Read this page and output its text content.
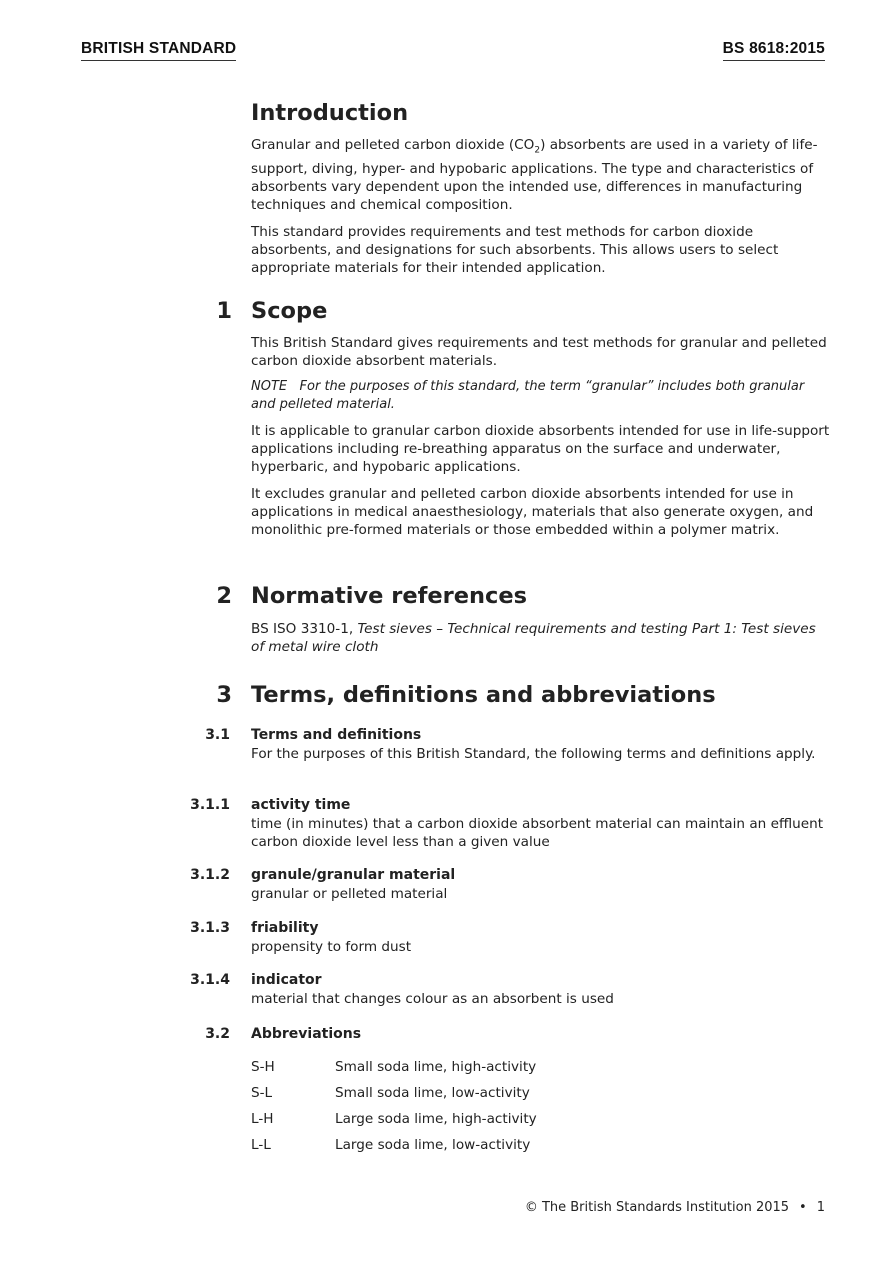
BRITISH STANDARD	BS 8618:2015
Introduction

Granular and pelleted carbon dioxide $(CO_2)$ absorbents are used in a variety of life-support, diving, hyper- and hypobaric applications. The type and characteristics of absorbents vary dependent upon the intended use, differences in manufacturing techniques and chemical composition.

This standard provides requirements and test methods for carbon dioxide absorbents, and designations for such absorbents. This allows users to select appropriate materials for their intended application.

1 Scope

This British Standard gives requirements and test methods for granular and pelleted carbon dioxide absorbent materials.

NOTE For the purposes of this standard, the term “granular” includes both granular and pelleted material.

It is applicable to granular carbon dioxide absorbents intended for use in life-support applications including re-breathing apparatus on the surface and underwater, hyperbaric, and hypobaric applications.

It excludes granular and pelleted carbon dioxide absorbents intended for use in applications in medical anaesthesiology, materials that also generate oxygen, and monolithic pre-formed materials or those embedded within a polymer matrix.

2 Normative references

BS ISO 3310-1, Test sieves – Technical requirements and testing Part 1: Test sieves of metal wire cloth

3 Terms, definitions and abbreviations
3.1 Terms and definitions

For the purposes of this British Standard, the following terms and definitions apply.

3.1.1 activity time

time (in minutes) that a carbon dioxide absorbent material can maintain an effluent carbon dioxide level less than a given value

3.1.2 granule/granular material

granular or pelleted material

3.1.3 friability

propensity to form dust

3.1.4 indicator

material that changes colour as an absorbent is used

3.2 Abbreviations
S-H	Small soda lime, high-activity
S-L	Small soda lime, low-activity
L-H	Large soda lime, high-activity
L-L	Large soda lime, low-activity
© The British Standards Institution 2015 • 1
